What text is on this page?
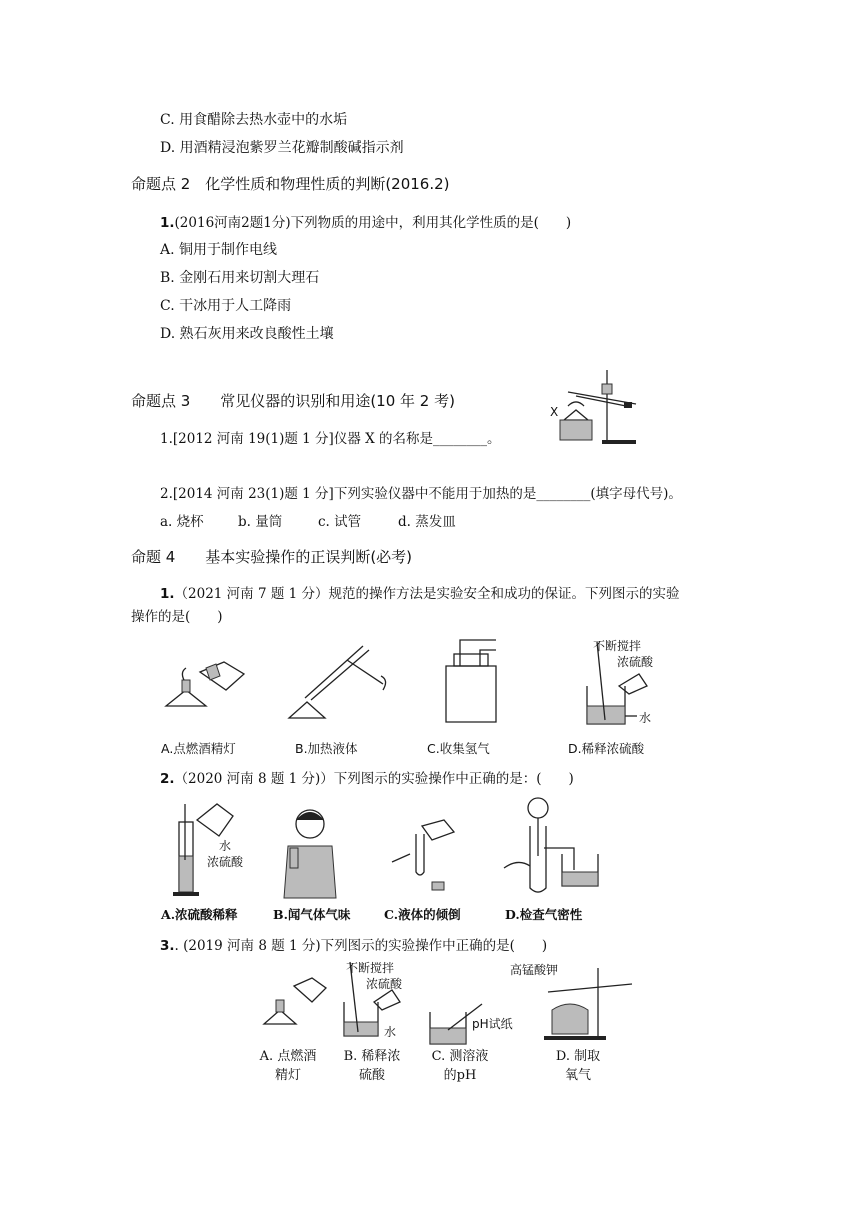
C. 用食醋除去热水壶中的水垢
D. 用酒精浸泡紫罗兰花瓣制酸碱指示剂
命题点 2　化学性质和物理性质的判断(2016.2)
1.(2016河南2题1分)下列物质的用途中，利用其化学性质的是(　　)
A. 铜用于制作电线
B. 金刚石用来切割大理石
C. 干冰用于人工降雨
D. 熟石灰用来改良酸性土壤
命题点 3　　常见仪器的识别和用途(10 年 2 考)
1.[2012 河南 19(1)题 1 分]仪器 X 的名称是________。
X
2.[2014 河南 23(1)题 1 分]下列实验仪器中不能用于加热的是________(填字母代号)。
a. 烧杯	b. 量筒	c. 试管	d. 蒸发皿
命题 4　　基本实验操作的正误判断(必考)
1.（2021 河南 7 题 1 分）规范的操作方法是实验安全和成功的保证。下列图示的实验
操作的是(　　)
不断搅拌
浓硫酸
水
A.点燃酒精灯	B.加热液体	C.收集氢气	D.稀释浓硫酸
2.（2020 河南 8 题 1 分)）下列图示的实验操作中正确的是：(　　)
水
浓硫酸
A.浓硫酸稀释	B.闻气体气味	C.液体的倾倒	D.检查气密性
3.. (2019 河南 8 题 1 分)下列图示的实验操作中正确的是(　　)
不断搅拌
浓硫酸
水
pH试纸
高锰酸钾
A. 点燃酒
精灯
B. 稀释浓
硫酸
C. 测溶液
的pH
D. 制取
氧气
